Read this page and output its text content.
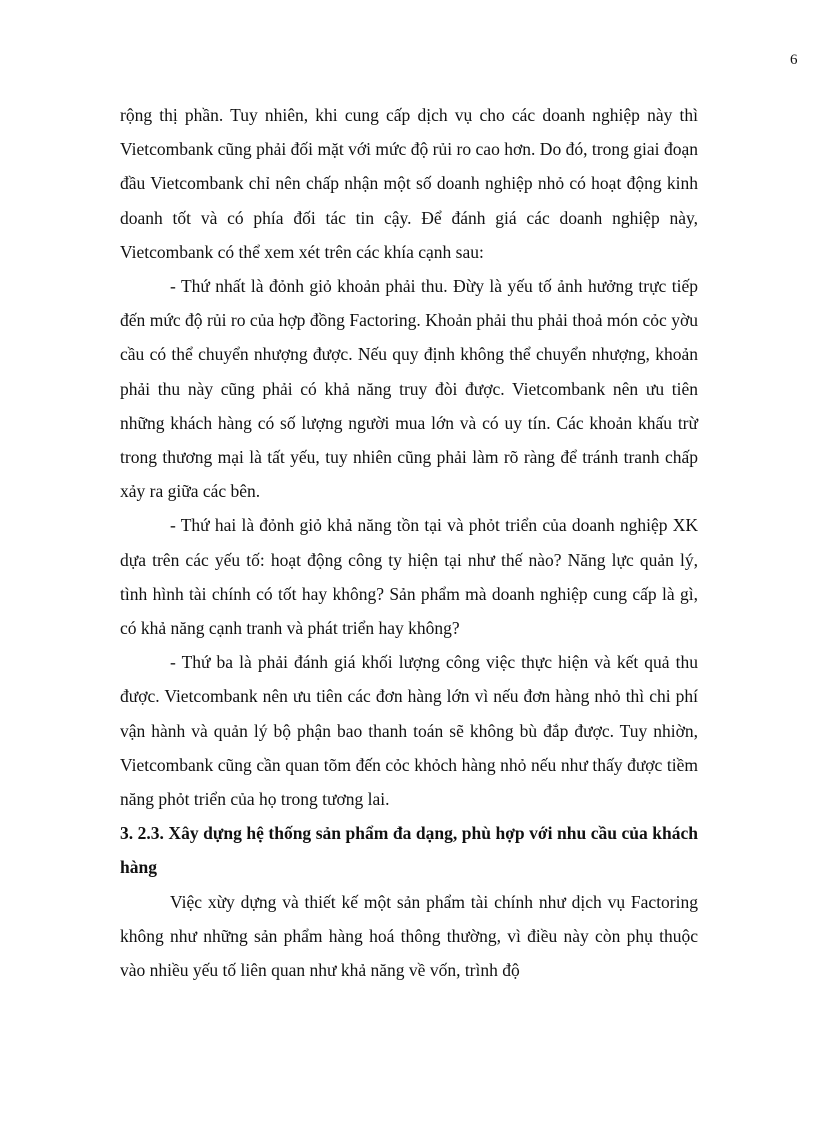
6

rộng thị phần. Tuy nhiên, khi cung cấp dịch vụ cho các doanh nghiệp này thì Vietcombank cũng phải đối mặt với mức độ rủi ro cao hơn. Do đó, trong giai đoạn đầu Vietcombank chỉ nên chấp nhận một số doanh nghiệp nhỏ có hoạt động kinh doanh tốt và có phía đối tác tin cậy. Để đánh giá các doanh nghiệp này, Vietcombank có thể xem xét trên các khía cạnh sau:

- Thứ nhất là đỏnh giỏ khoản phải thu. Đừy là yếu tố ảnh hưởng trực tiếp đến mức độ rủi ro của hợp đồng Factoring. Khoản phải thu phải thoả món cỏc yờu cầu có thể chuyển nhượng được. Nếu quy định không thể chuyển nhượng, khoản phải thu này cũng phải có khả năng truy đòi được. Vietcombank nên ưu tiên những khách hàng có số lượng người mua lớn và có uy tín. Các khoản khấu trừ trong thương mại là tất yếu, tuy nhiên cũng phải làm rõ ràng để tránh tranh chấp xảy ra giữa các bên.

- Thứ hai là đỏnh giỏ khả năng tồn tại và phỏt triển của doanh nghiệp XK dựa trên các yếu tố: hoạt động công ty hiện tại như thế nào? Năng lực quản lý, tình hình tài chính có tốt hay không? Sản phẩm mà doanh nghiệp cung cấp là gì, có khả năng cạnh tranh và phát triển hay không?

- Thứ ba là phải đánh giá khối lượng công việc thực hiện và kết quả thu được. Vietcombank nên ưu tiên các đơn hàng lớn vì nếu đơn hàng nhỏ thì chi phí vận hành và quản lý bộ phận bao thanh toán sẽ không bù đắp được. Tuy nhiờn, Vietcombank cũng cần quan tõm đến cỏc khỏch hàng nhỏ nếu như thấy được tiềm năng phỏt triển của họ trong tương lai.

3. 2.3. Xây dựng hệ thống sản phẩm đa dạng, phù hợp với nhu cầu của khách hàng

Việc xừy dựng và thiết kế một sản phẩm tài chính như dịch vụ Factoring không như những sản phẩm hàng hoá thông thường, vì điều này còn phụ thuộc vào nhiều yếu tố liên quan như khả năng về vốn, trình độ
